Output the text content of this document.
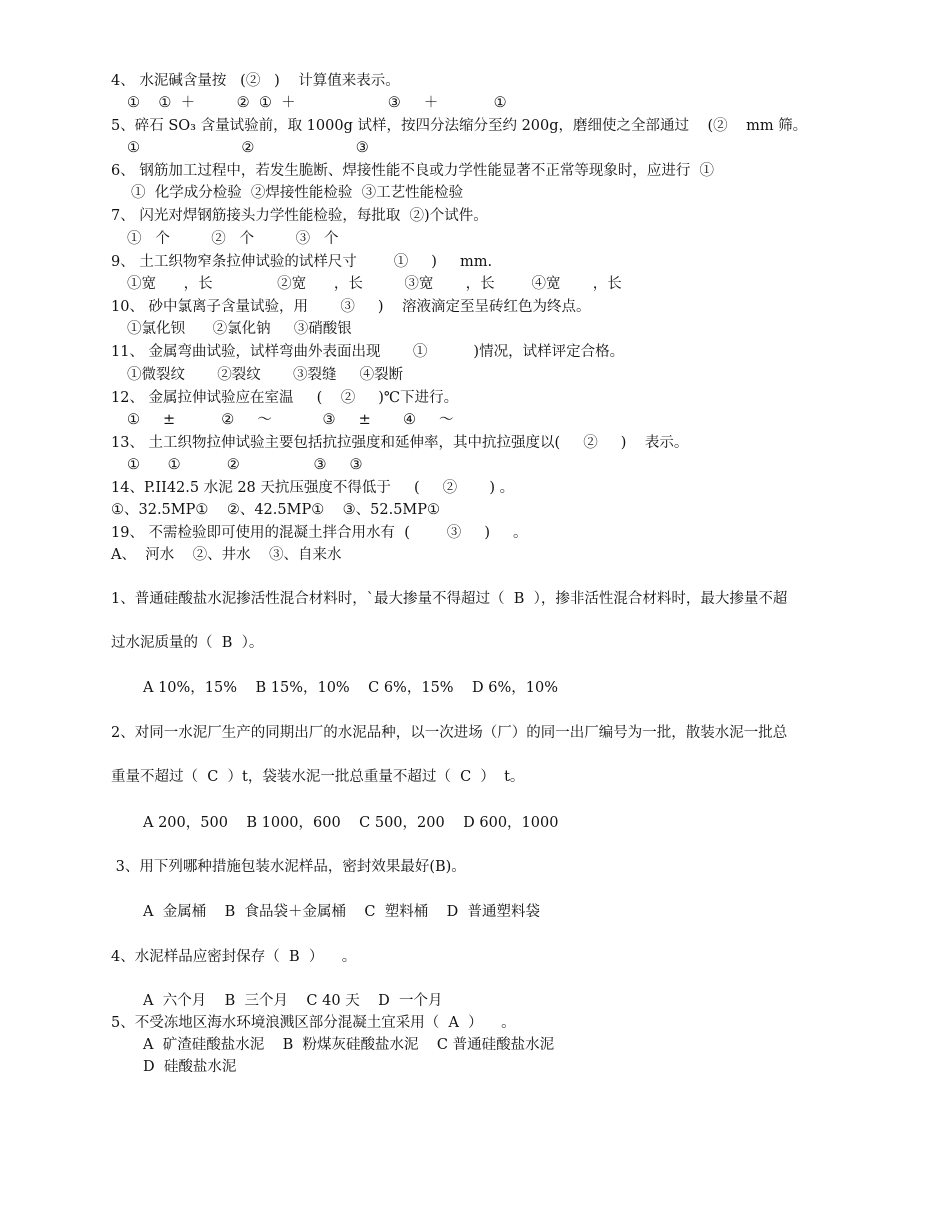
4、 水泥碱含量按   (②   )    计算值来表示。
①    ①  ＋         ②  ①  ＋                    ③     ＋            ①
5、碎石 SO₃ 含量试验前，取 1000g 试样，按四分法缩分至约 200g，磨细使之全部通过    (②    mm 筛。
①                      ②                      ③
6、 钢筋加工过程中，若发生脆断、焊接性能不良或力学性能显著不正常等现象时，应进行  ①
①  化学成分检验  ②焊接性能检验  ③工艺性能检验
7、 闪光对焊钢筋接头力学性能检验，每批取  ②)个试件。
①   个         ②   个         ③   个
9、 土工织物窄条拉伸试验的试样尺寸        ①     )     mm.
①宽      ，长              ②宽      ，长         ③宽       ，长        ④宽       ，长
10、 砂中氯离子含量试验，用       ③     )    溶液滴定至呈砖红色为终点。
①氯化钡      ②氯化钠     ③硝酸银
11、 金属弯曲试验，试样弯曲外表面出现       ①          )情况，试样评定合格。
①微裂纹       ②裂纹       ③裂缝     ④裂断
12、 金属拉伸试验应在室温     (    ②     )℃下进行。
①     ±          ②     ～           ③     ±       ④     ～
13、 土工织物拉伸试验主要包括抗拉强度和延伸率，其中抗拉强度以(     ②     )    表示。
①      ①          ②                ③     ③
14、P.II42.5 水泥 28 天抗压强度不得低于     (     ②       ) 。
①、32.5MP①    ②、42.5MP①    ③、52.5MP①
19、 不需检验即可使用的混凝土拌合用水有  (        ③     )     。
A、  河水    ②、井水    ③、自来水
1、普通硅酸盐水泥掺活性混合材料时，`最大掺量不得超过（  B  ），掺非活性混合材料时，最大掺量不超
过水泥质量的（  B  ）。
A 10%，15%    B 15%，10%    C 6%，15%    D 6%，10%
2、对同一水泥厂生产的同期出厂的水泥品种，以一次进场（厂）的同一出厂编号为一批，散装水泥一批总
重量不超过（  C  ）t，袋装水泥一批总重量不超过（  C  ）  t。
A 200，500    B 1000，600    C 500，200    D 600，1000
3、用下列哪种措施包装水泥样品，密封效果最好(B)。
A  金属桶    B  食品袋＋金属桶    C  塑料桶    D  普通塑料袋
4、水泥样品应密封保存（  B  ）    。
A  六个月    B  三个月    C 40 天    D  一个月
5、不受冻地区海水环境浪溅区部分混凝土宜采用（  A  ）    。
A  矿渣硅酸盐水泥    B  粉煤灰硅酸盐水泥    C 普通硅酸盐水泥
D  硅酸盐水泥
